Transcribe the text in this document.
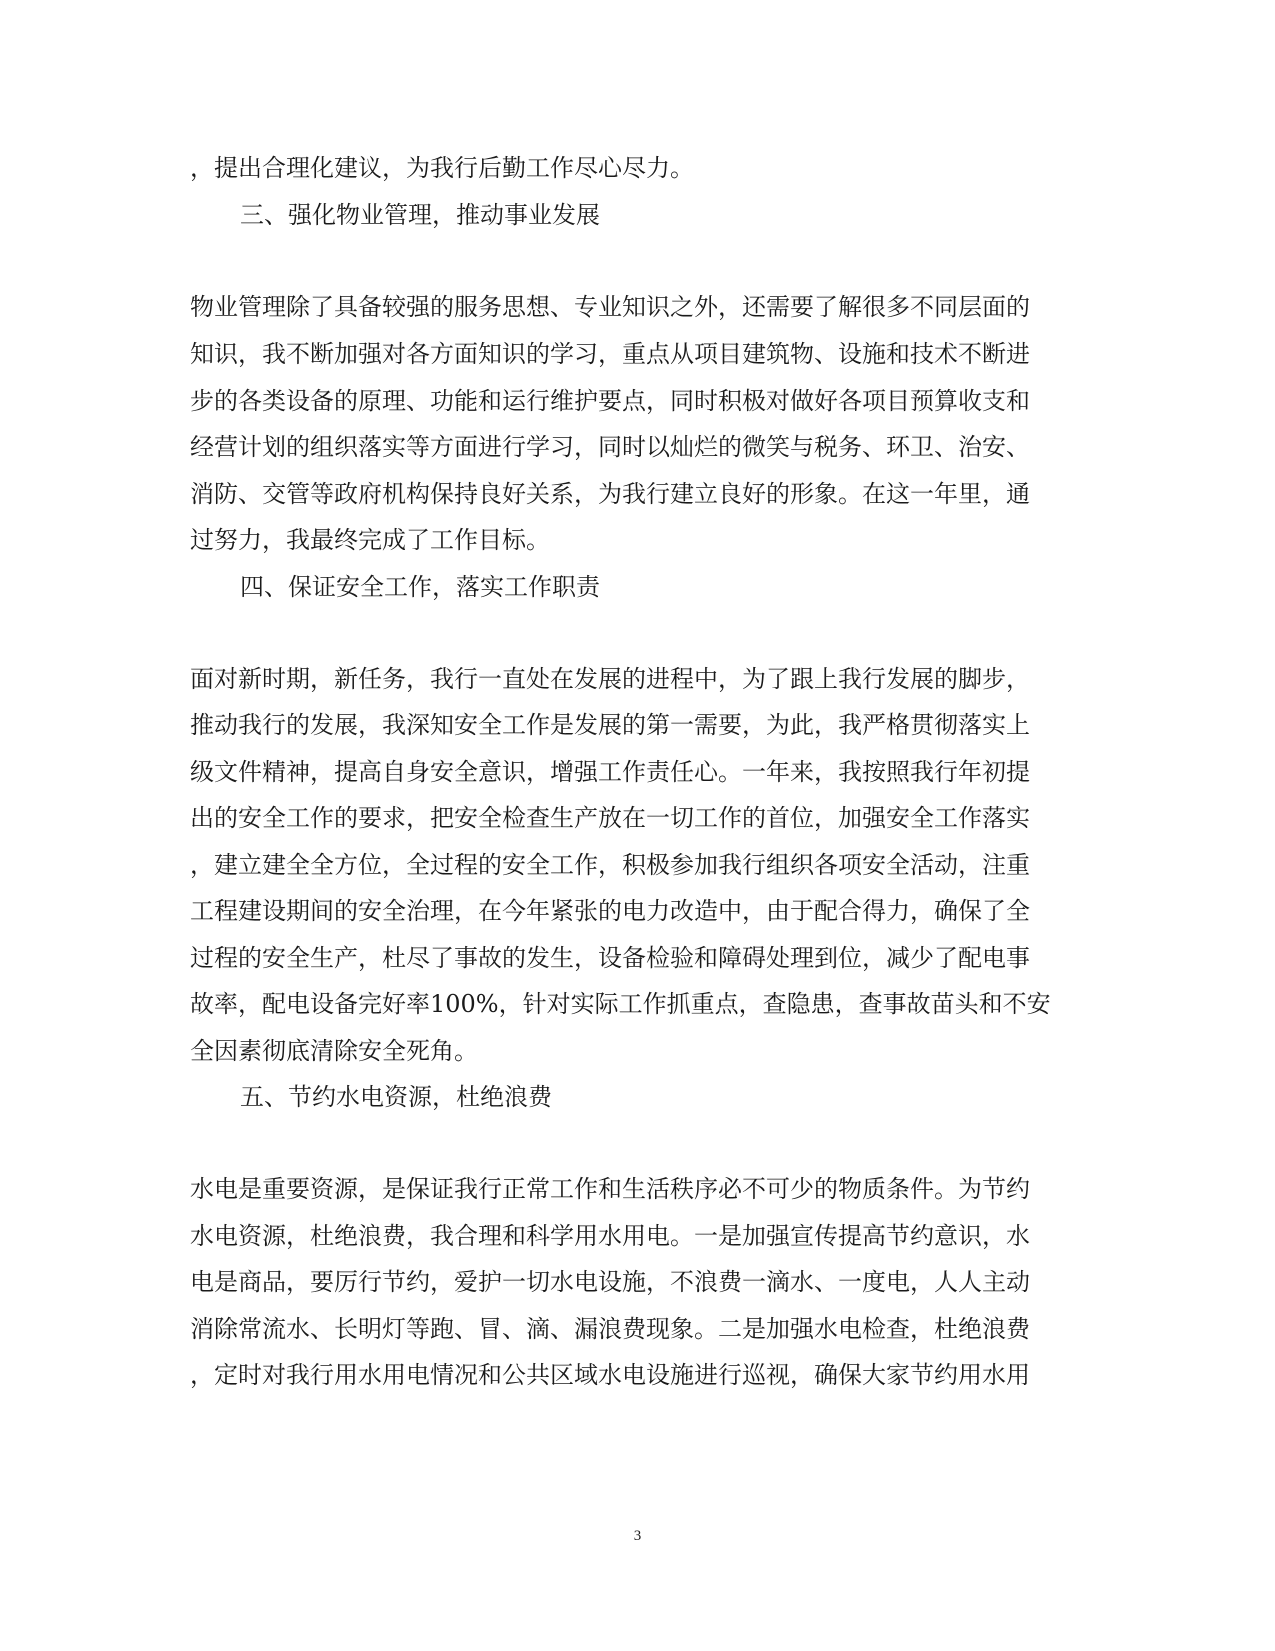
，提出合理化建议，为我行后勤工作尽心尽力。
三、强化物业管理，推动事业发展
物业管理除了具备较强的服务思想、专业知识之外，还需要了解很多不同层面的
知识，我不断加强对各方面知识的学习，重点从项目建筑物、设施和技术不断进
步的各类设备的原理、功能和运行维护要点，同时积极对做好各项目预算收支和
经营计划的组织落实等方面进行学习，同时以灿烂的微笑与税务、环卫、治安、
消防、交管等政府机构保持良好关系，为我行建立良好的形象。在这一年里，通
过努力，我最终完成了工作目标。
四、保证安全工作，落实工作职责
面对新时期，新任务，我行一直处在发展的进程中，为了跟上我行发展的脚步，
推动我行的发展，我深知安全工作是发展的第一需要，为此，我严格贯彻落实上
级文件精神，提高自身安全意识，增强工作责任心。一年来，我按照我行年初提
出的安全工作的要求，把安全检查生产放在一切工作的首位，加强安全工作落实
，建立建全全方位，全过程的安全工作，积极参加我行组织各项安全活动，注重
工程建设期间的安全治理，在今年紧张的电力改造中，由于配合得力，确保了全
过程的安全生产，杜尽了事故的发生，设备检验和障碍处理到位，减少了配电事
故率，配电设备完好率100%，针对实际工作抓重点，查隐患，查事故苗头和不安
全因素彻底清除安全死角。
五、节约水电资源，杜绝浪费
水电是重要资源，是保证我行正常工作和生活秩序必不可少的物质条件。为节约
水电资源，杜绝浪费，我合理和科学用水用电。一是加强宣传提高节约意识，水
电是商品，要厉行节约，爱护一切水电设施，不浪费一滴水、一度电，人人主动
消除常流水、长明灯等跑、冒、滴、漏浪费现象。二是加强水电检查，杜绝浪费
，定时对我行用水用电情况和公共区域水电设施进行巡视，确保大家节约用水用
3
